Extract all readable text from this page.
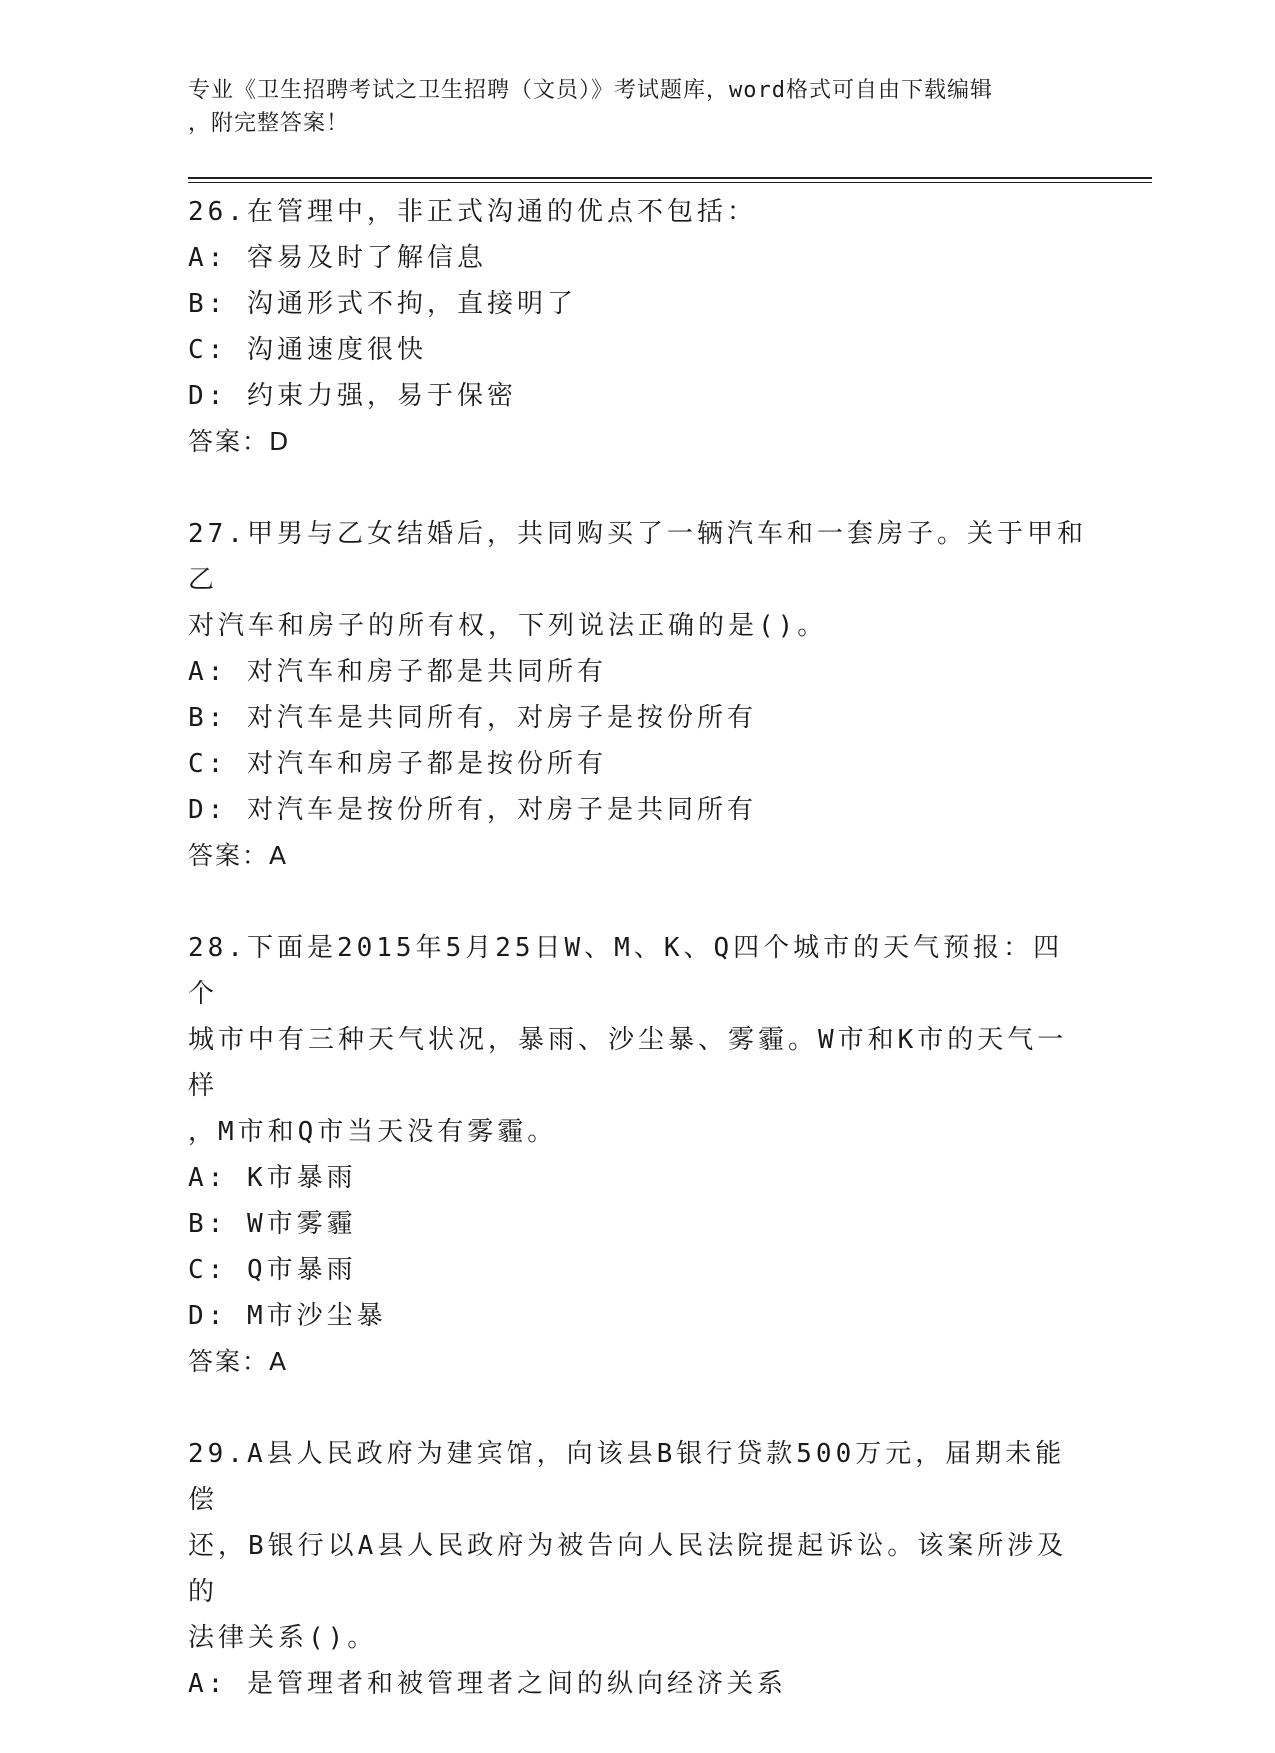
专业《卫生招聘考试之卫生招聘（文员）》考试题库，word格式可自由下载编辑
，附完整答案！

26.在管理中，非正式沟通的优点不包括：

A: 容易及时了解信息

B: 沟通形式不拘，直接明了

C: 沟通速度很快

D: 约束力强，易于保密

答案：D

27.甲男与乙女结婚后，共同购买了一辆汽车和一套房子。关于甲和乙

对汽车和房子的所有权，下列说法正确的是()。

A: 对汽车和房子都是共同所有

B: 对汽车是共同所有，对房子是按份所有

C: 对汽车和房子都是按份所有

D: 对汽车是按份所有，对房子是共同所有

答案：A

28.下面是2015年5月25日W、M、K、Q四个城市的天气预报：四个

城市中有三种天气状况，暴雨、沙尘暴、雾霾。W市和K市的天气一样

，M市和Q市当天没有雾霾。

A: K市暴雨

B: W市雾霾

C: Q市暴雨

D: M市沙尘暴

答案：A

29.A县人民政府为建宾馆，向该县B银行贷款500万元，届期未能偿

还，B银行以A县人民政府为被告向人民法院提起诉讼。该案所涉及的

法律关系()。

A: 是管理者和被管理者之间的纵向经济关系
